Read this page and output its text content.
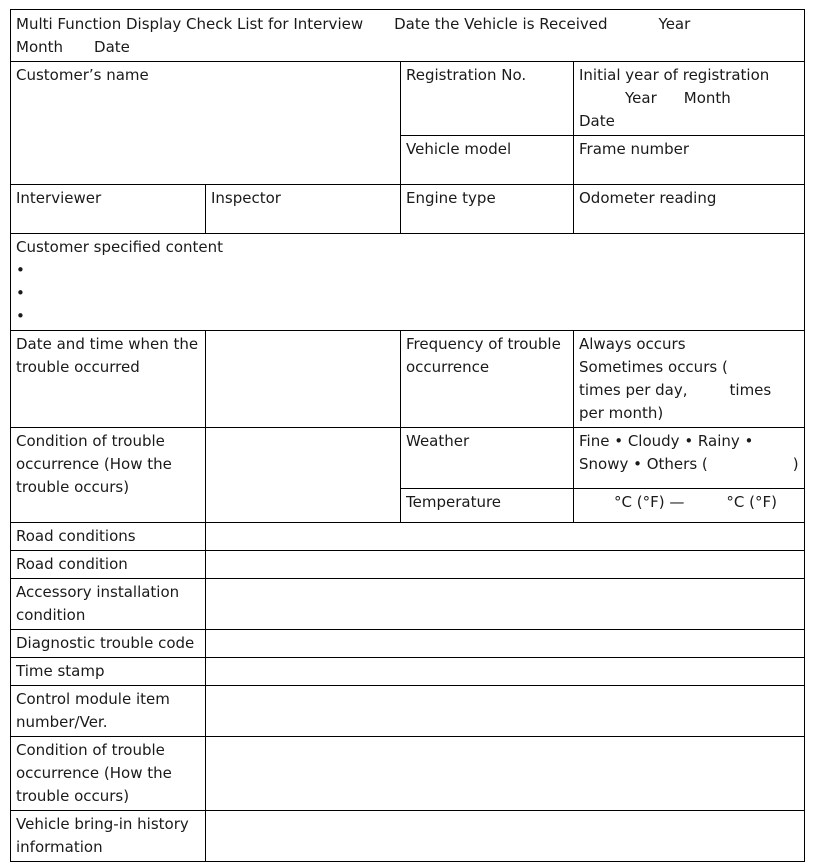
Multi Function Display Check List for Interview Date the Vehicle is Received Year
Month Date			

Customer’s name		Registration No.	Initial year of registration
Year Month
Date

		Vehicle model	Frame number
Interviewer	Inspector	Engine type	Odometer reading

Customer specified content
•
•
•			

Date and time when the trouble occurred		Frequency of trouble occurrence	Always occurs
Sometimes occurs (
times per day, times
per month)

Condition of trouble occurrence (How the trouble occurs)		Weather	Fine • Cloudy • Rainy •
Snowy • Others ( )

		Temperature	°C (°F) — °C (°F)

Road conditions			
Road condition			
Accessory installation condition			
Diagnostic trouble code			
Time stamp			
Control module item number/Ver.			
Condition of trouble occurrence (How the trouble occurs)			
Vehicle bring-in history information			
